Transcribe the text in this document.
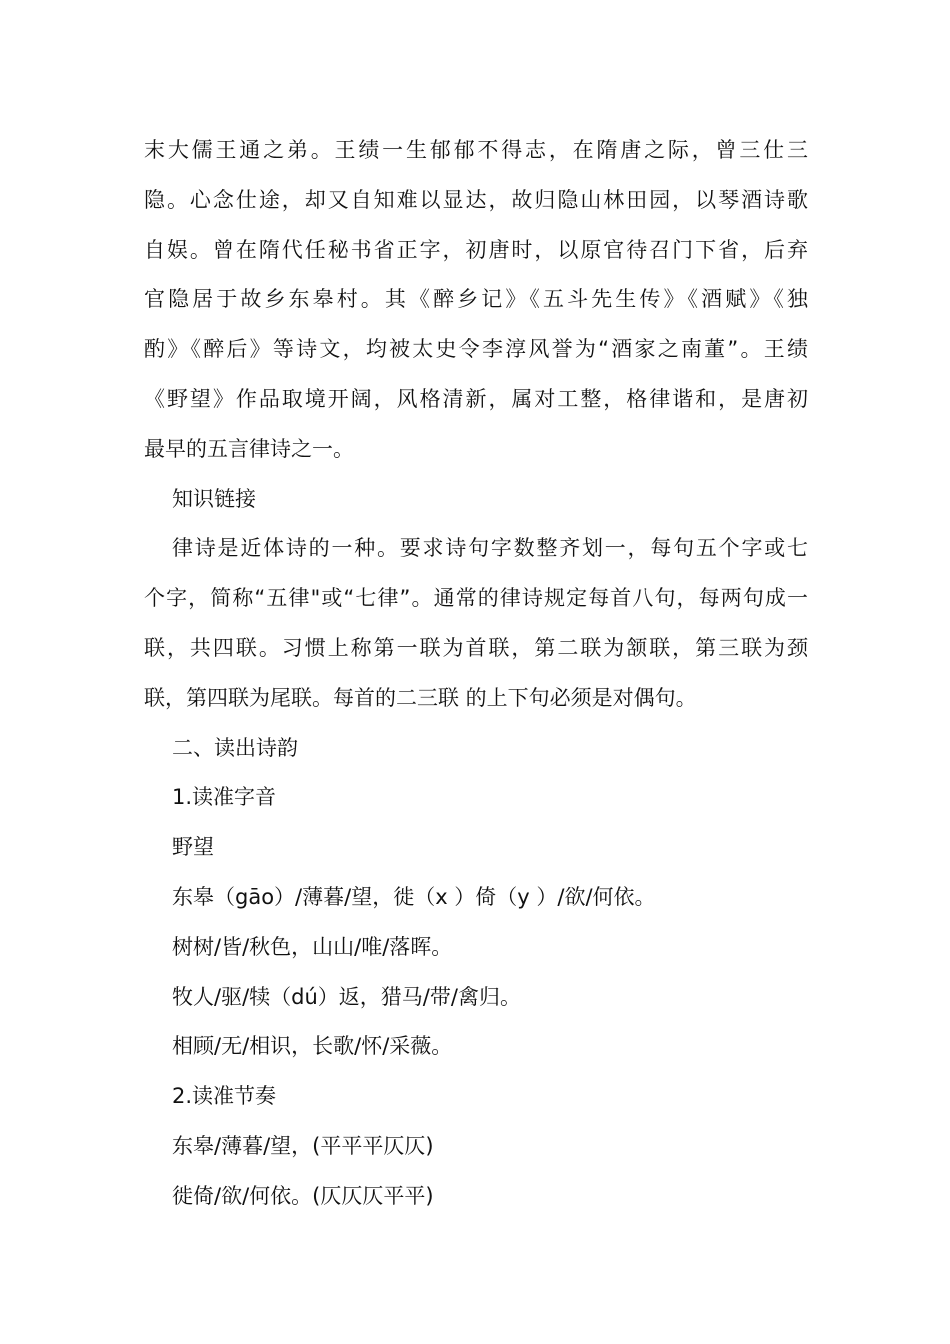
末大儒王通之弟。王绩一生郁郁不得志，在隋唐之际，曾三仕三
隐。心念仕途，却又自知难以显达，故归隐山林田园，以琴酒诗歌
自娱。曾在隋代任秘书省正字，初唐时，以原官待召门下省，后弃
官隐居于故乡东皋村。其《醉乡记》《五斗先生传》《酒赋》《独
酌》《醉后》等诗文，均被太史令李淳风誉为“酒家之南董”。王绩
《野望》作品取境开阔，风格清新，属对工整，格律谐和，是唐初
最早的五言律诗之一。
知识链接
律诗是近体诗的一种。要求诗句字数整齐划一，每句五个字或七
个字，简称“五律"或“七律”。通常的律诗规定每首八句，每两句成一
联，共四联。习惯上称第一联为首联，第二联为颔联，第三联为颈
联，第四联为尾联。每首的二三联 的上下句必须是对偶句。
二、读出诗韵
1.读准字音
野望
东皋（gāo）/薄暮/望，徙（x ）倚（y ）/欲/何依。
树树/皆/秋色，山山/唯/落晖。
牧人/驱/犊（dú）返，猎马/带/禽归。
相顾/无/相识，长歌/怀/采薇。
2.读准节奏
东皋/薄暮/望，(平平平仄仄)
徙倚/欲/何依。(仄仄仄平平)
